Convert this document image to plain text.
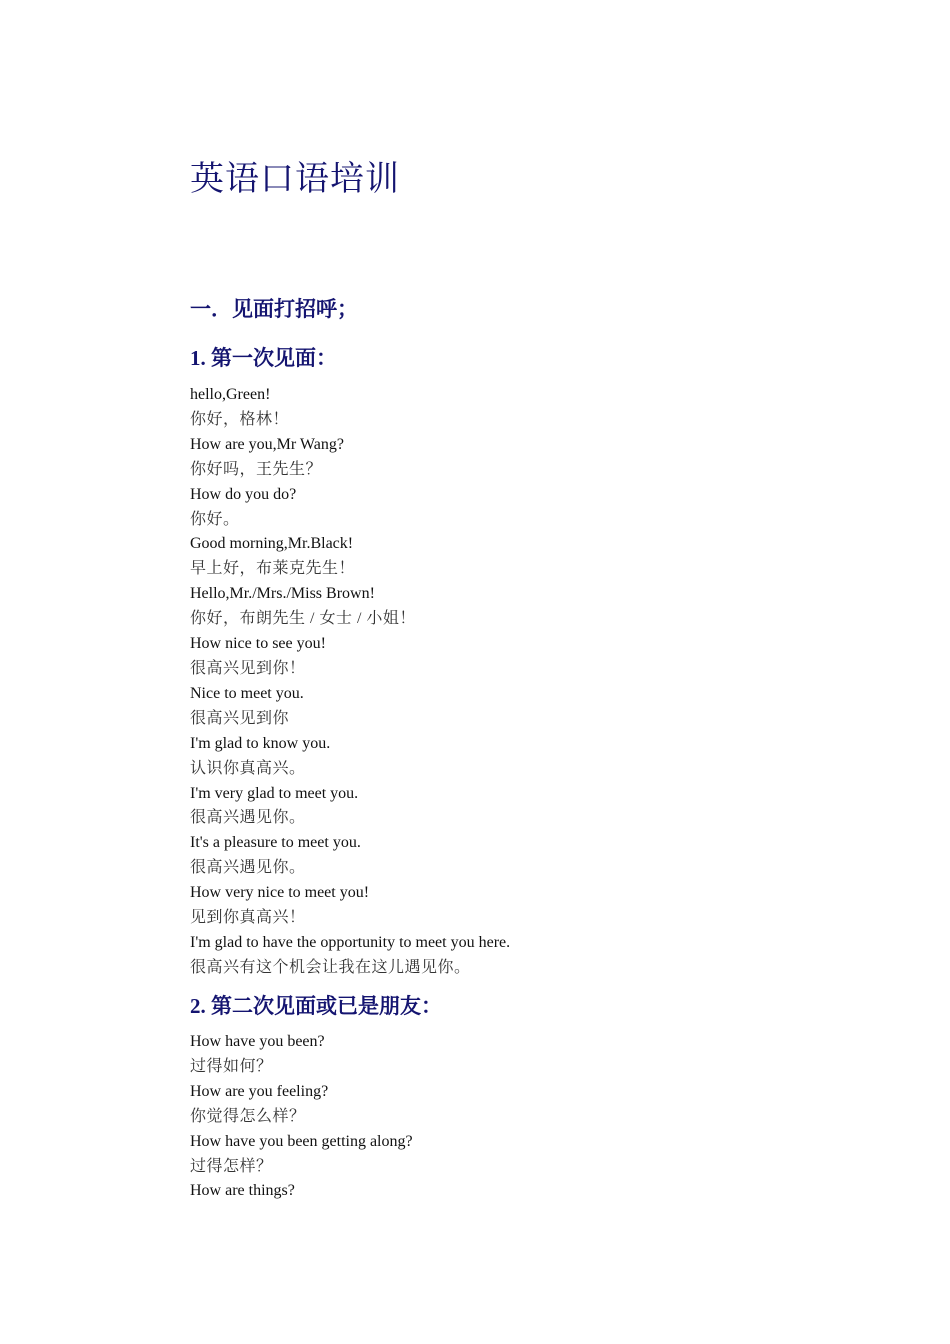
英语口语培训
一．见面打招呼；
1. 第一次见面：
hello,Green!
你好，格林！
How are you,Mr Wang?
你好吗，王先生？
How do you do?
你好。
Good morning,Mr.Black!
早上好，布莱克先生！
Hello,Mr./Mrs./Miss Brown!
你好，布朗先生 / 女士 / 小姐！
How nice to see you!
很高兴见到你！
Nice to meet you.
很高兴见到你
I'm glad to know you.
认识你真高兴。
I'm very glad to meet you.
很高兴遇见你。
It's a pleasure to meet you.
很高兴遇见你。
How very nice to meet you!
见到你真高兴！
I'm glad to have the opportunity to meet you here.
很高兴有这个机会让我在这儿遇见你。
2. 第二次见面或已是朋友：
How have you been?
过得如何？
How are you feeling?
你觉得怎么样？
How have you been getting along?
过得怎样？
How are things?
